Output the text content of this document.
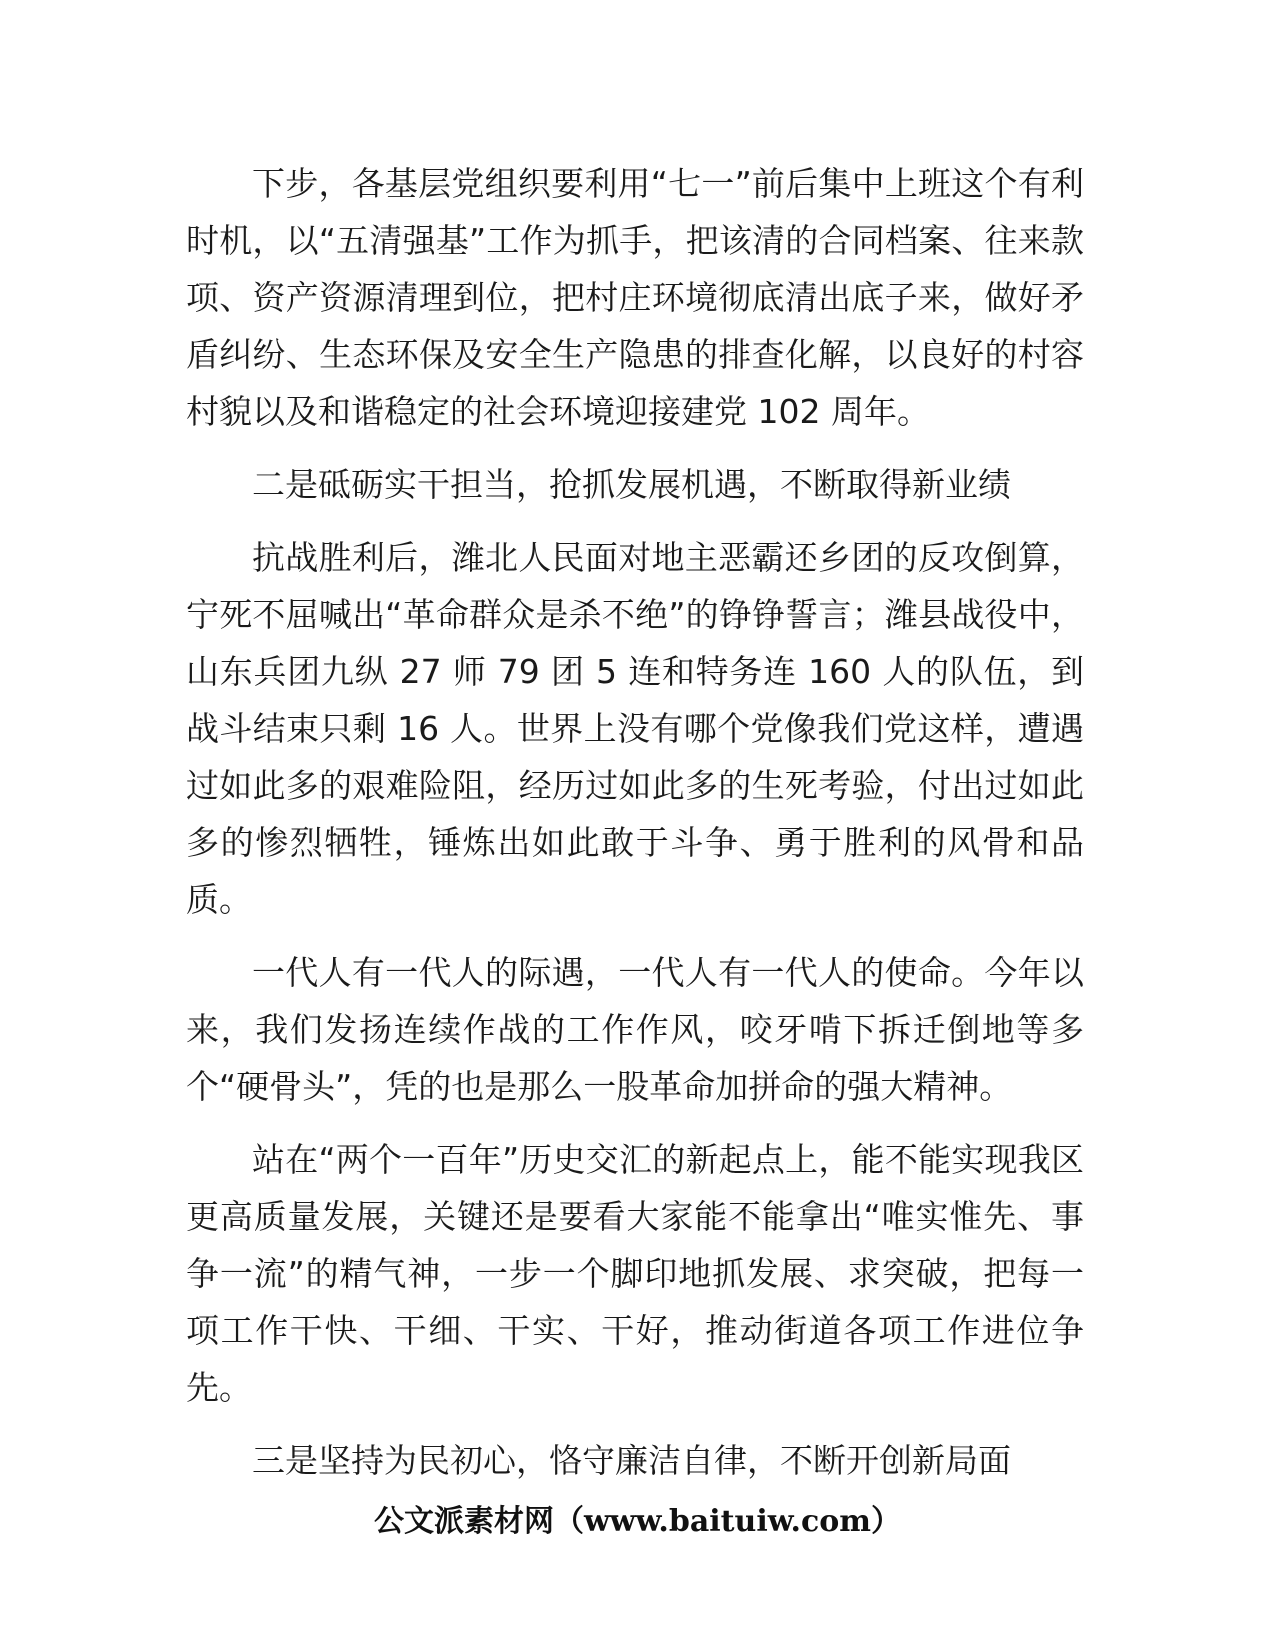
下步，各基层党组织要利用“七一”前后集中上班这个有利时机，以“五清强基”工作为抓手，把该清的合同档案、往来款项、资产资源清理到位，把村庄环境彻底清出底子来，做好矛盾纠纷、生态环保及安全生产隐患的排查化解，以良好的村容村貌以及和谐稳定的社会环境迎接建党 102 周年。

二是砥砺实干担当，抢抓发展机遇，不断取得新业绩

抗战胜利后，潍北人民面对地主恶霸还乡团的反攻倒算，宁死不屈喊出“革命群众是杀不绝”的铮铮誓言；潍县战役中，山东兵团九纵 27 师 79 团 5 连和特务连 160 人的队伍，到战斗结束只剩 16 人。世界上没有哪个党像我们党这样，遭遇过如此多的艰难险阻，经历过如此多的生死考验，付出过如此多的惨烈牺牲，锤炼出如此敢于斗争、勇于胜利的风骨和品质。

一代人有一代人的际遇，一代人有一代人的使命。今年以来，我们发扬连续作战的工作作风，咬牙啃下拆迁倒地等多个“硬骨头”，凭的也是那么一股革命加拼命的强大精神。

站在“两个一百年”历史交汇的新起点上，能不能实现我区更高质量发展，关键还是要看大家能不能拿出“唯实惟先、事争一流”的精气神，一步一个脚印地抓发展、求突破，把每一项工作干快、干细、干实、干好，推动街道各项工作进位争先。

三是坚持为民初心，恪守廉洁自律，不断开创新局面

公文派素材网（www.baituiw.com）
